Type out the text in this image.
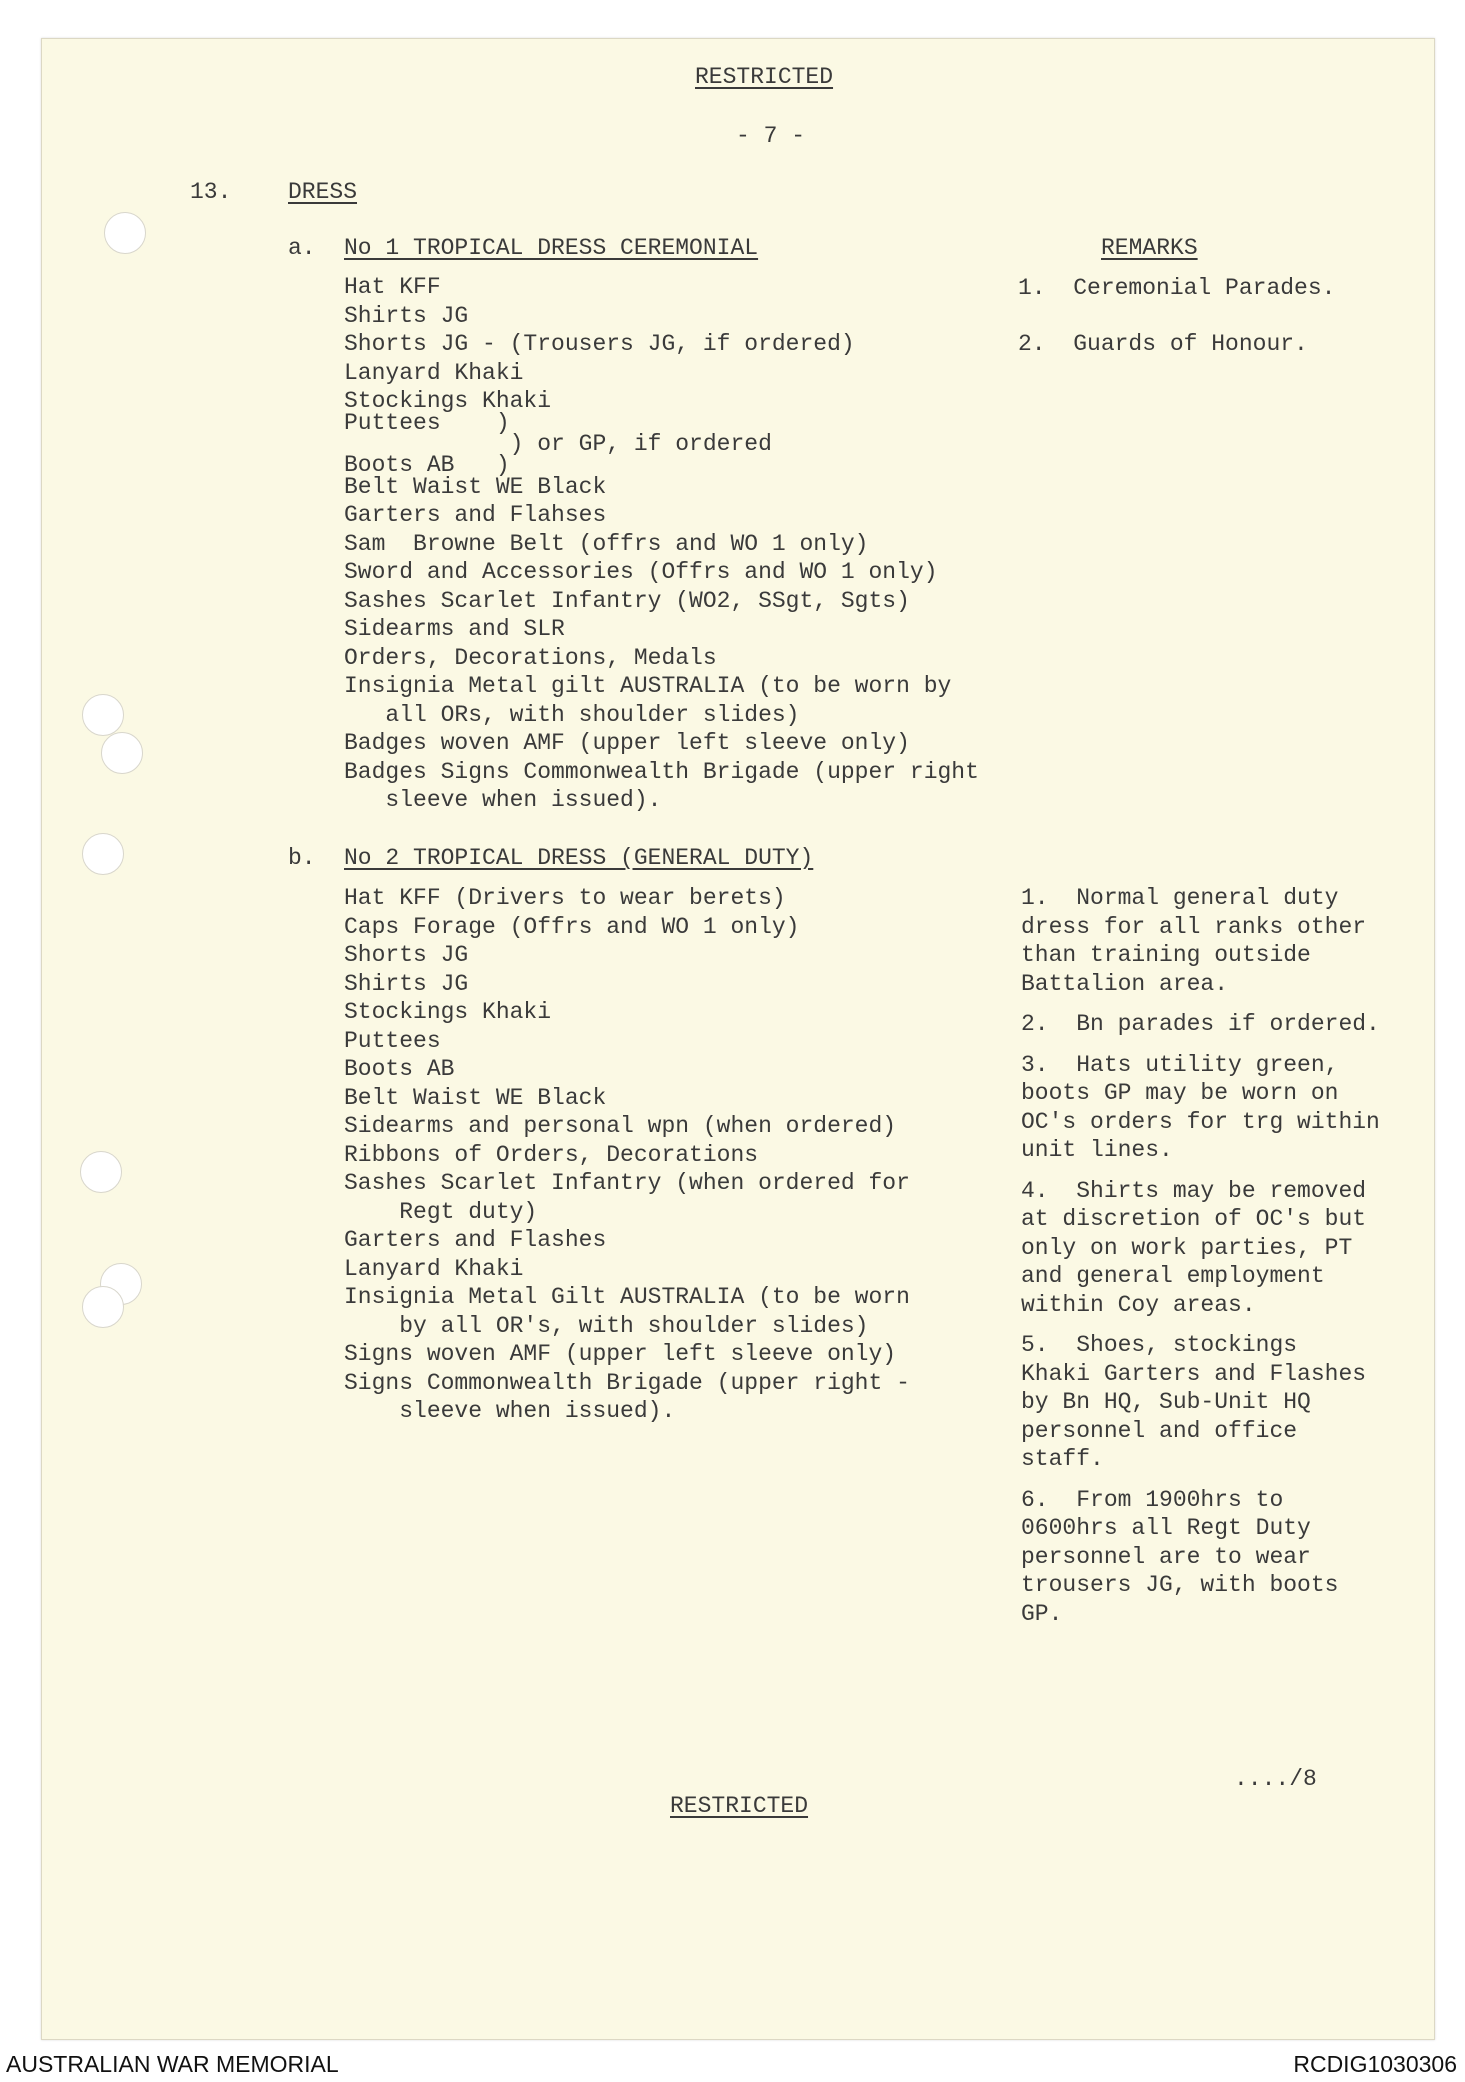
RESTRICTED
- 7 -
13. DRESS
a. No 1 TROPICAL DRESS CEREMONIAL	REMARKS
Hat KFF
Shirts JG
Shorts JG - (Trousers JG, if ordered)
Lanyard Khaki
Stockings Khaki
Puttees    )
) or GP, if ordered
Boots AB   )
Belt Waist WE Black
Garters and Flahses
Sam  Browne Belt (offrs and WO 1 only)
Sword and Accessories (Offrs and WO 1 only)
Sashes Scarlet Infantry (WO2, SSgt, Sgts)
Sidearms and SLR
Orders, Decorations, Medals
Insignia Metal gilt AUSTRALIA (to be worn by
all ORs, with shoulder slides)
Badges woven AMF (upper left sleeve only)
Badges Signs Commonwealth Brigade (upper right
sleeve when issued).
1.  Ceremonial Parades.
2.  Guards of Honour.
b. No 2 TROPICAL DRESS (GENERAL DUTY)
Hat KFF (Drivers to wear berets)
Caps Forage (Offrs and WO 1 only)
Shorts JG
Shirts JG
Stockings Khaki
Puttees
Boots AB
Belt Waist WE Black
Sidearms and personal wpn (when ordered)
Ribbons of Orders, Decorations
Sashes Scarlet Infantry (when ordered for
Regt duty)
Garters and Flashes
Lanyard Khaki
Insignia Metal Gilt AUSTRALIA (to be worn
by all OR's, with shoulder slides)
Signs woven AMF (upper left sleeve only)
Signs Commonwealth Brigade (upper right -
sleeve when issued).
1.  Normal general duty
dress for all ranks other
than training outside
Battalion area.
2.  Bn parades if ordered.
3.  Hats utility green,
boots GP may be worn on
OC's orders for trg within
unit lines.
4.  Shirts may be removed
at discretion of OC's but
only on work parties, PT
and general employment
within Coy areas.
5.  Shoes, stockings
Khaki Garters and Flashes
by Bn HQ, Sub-Unit HQ
personnel and office
staff.
6.  From 1900hrs to
0600hrs all Regt Duty
personnel are to wear
trousers JG, with boots
GP.
..../8
RESTRICTED
AUSTRALIAN WAR MEMORIAL	RCDIG1030306
